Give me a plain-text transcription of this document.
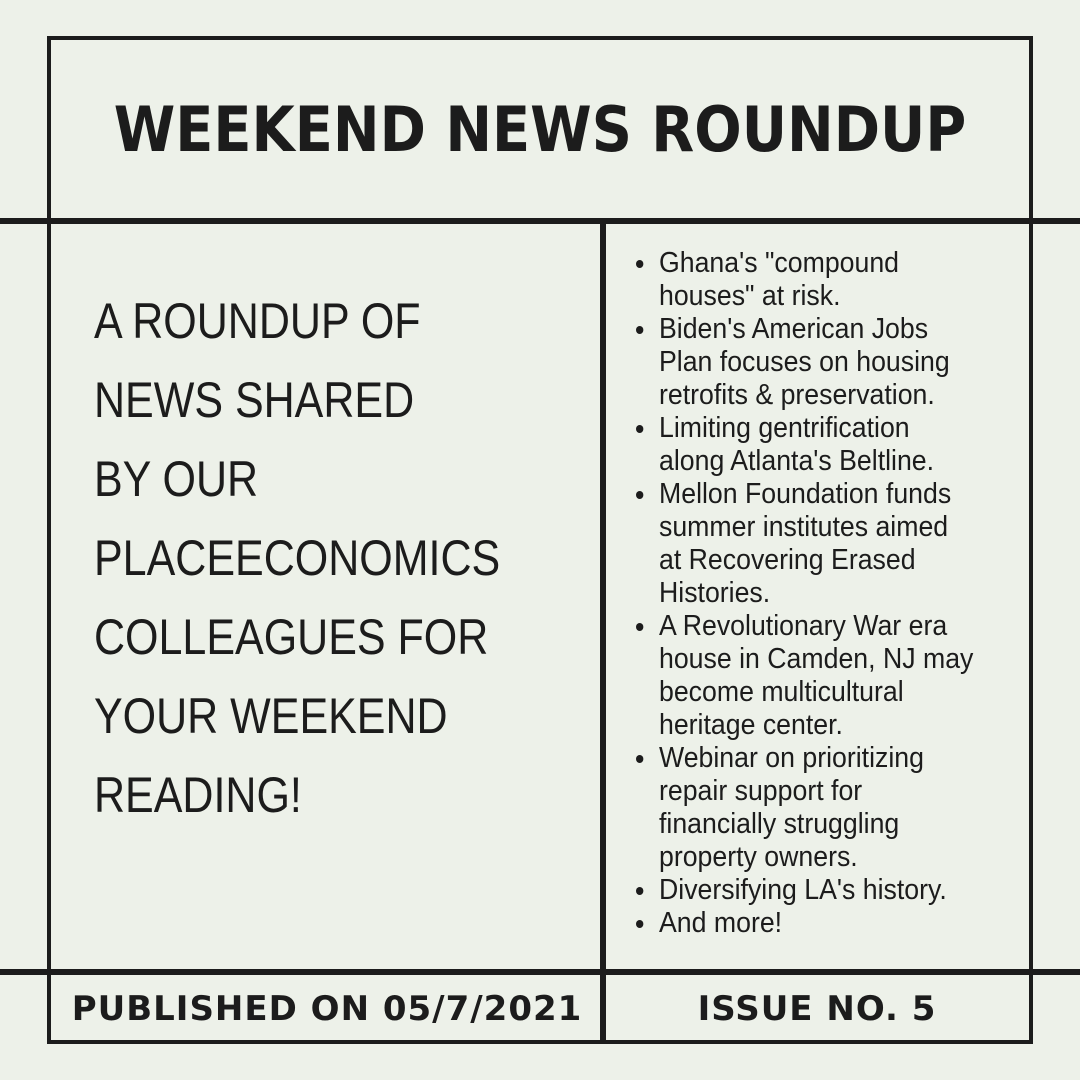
WEEKEND NEWS ROUNDUP
A ROUNDUP OF
NEWS SHARED
BY OUR
PLACEECONOMICS
COLLEAGUES FOR
YOUR WEEKEND
READING!
Ghana's "compound
houses" at risk.
Biden's American Jobs
Plan focuses on housing
retrofits & preservation.
Limiting gentrification
along Atlanta's Beltline.
Mellon Foundation funds
summer institutes aimed
at Recovering Erased
Histories.
A Revolutionary War era
house in Camden, NJ may
become multicultural
heritage center.
Webinar on prioritizing
repair support for
financially struggling
property owners.
Diversifying LA's history.
And more!
PUBLISHED ON 05/7/2021	ISSUE NO. 5
